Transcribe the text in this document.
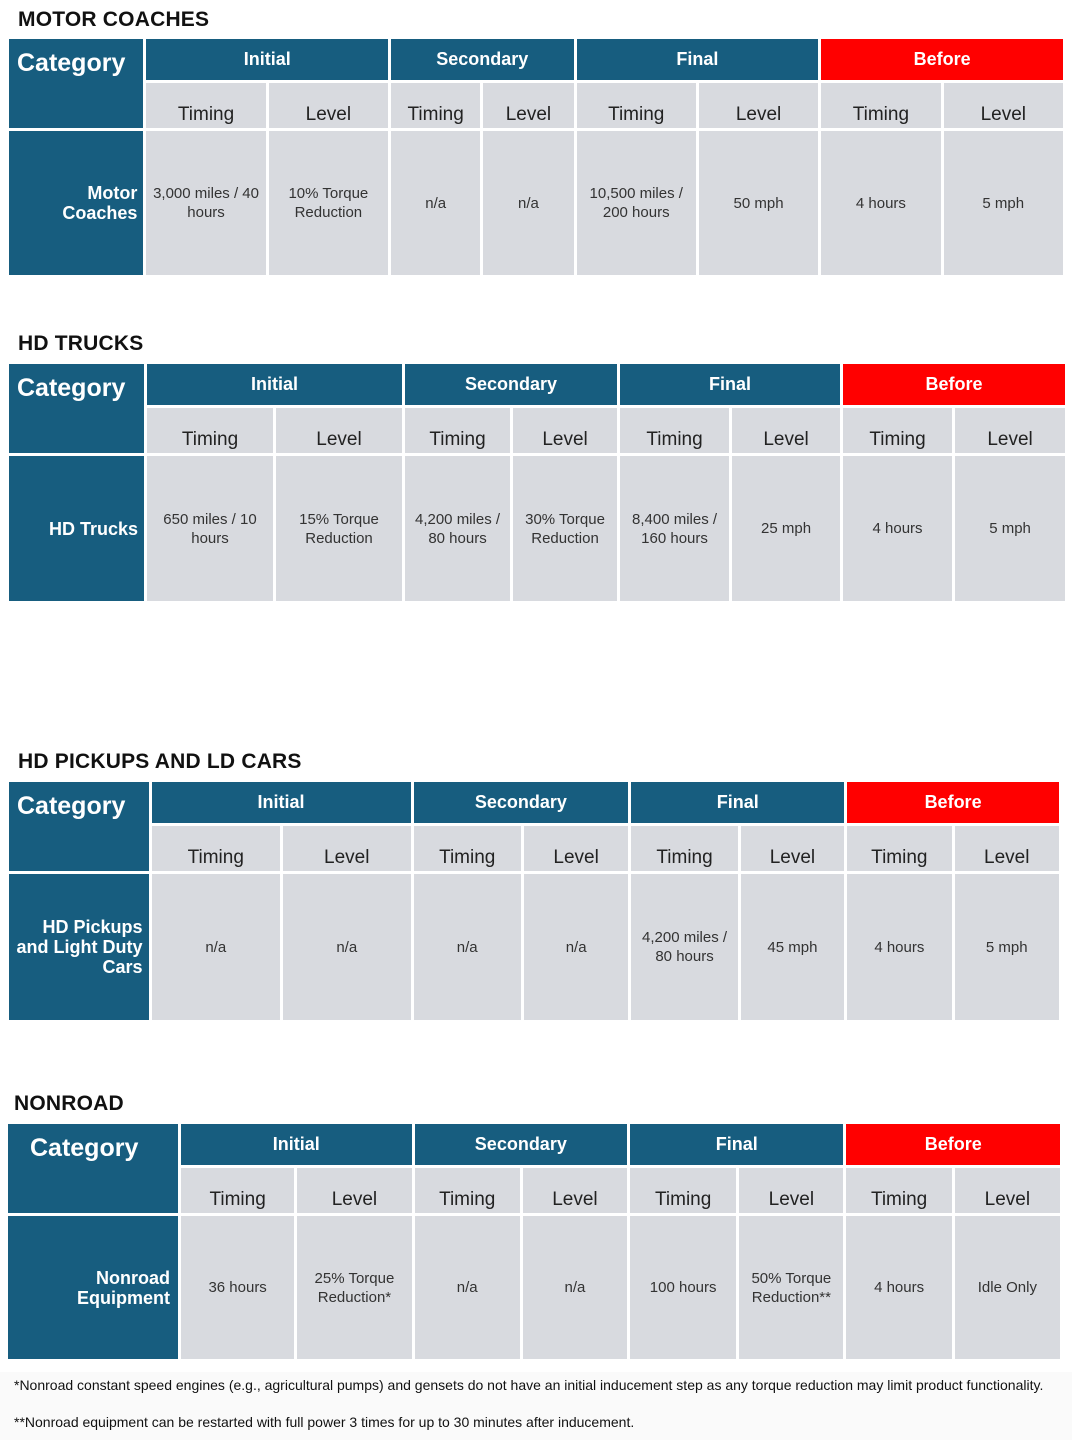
MOTOR COACHES
Category	Initial		Secondary		Final		Before	
	Timing	Level	Timing	Level	Timing	Level	Timing	Level
Motor Coaches	3,000 miles / 40 hours	10% Torque Reduction	n/a	n/a	10,500 miles / 200 hours	50 mph	4 hours	5 mph
HD TRUCKS
Category	Initial		Secondary		Final		Before	
	Timing	Level	Timing	Level	Timing	Level	Timing	Level
HD Trucks	650 miles / 10 hours	15% Torque Reduction	4,200 miles / 80 hours	30% Torque Reduction	8,400 miles / 160 hours	25 mph	4 hours	5 mph
HD PICKUPS AND LD CARS
Category	Initial		Secondary		Final		Before	
	Timing	Level	Timing	Level	Timing	Level	Timing	Level
HD Pickups and Light Duty Cars	n/a	n/a	n/a	n/a	4,200 miles / 80 hours	45 mph	4 hours	5 mph
NONROAD
Category	Initial		Secondary		Final		Before	
	Timing	Level	Timing	Level	Timing	Level	Timing	Level
Nonroad Equipment	36 hours	25% Torque Reduction*	n/a	n/a	100 hours	50% Torque Reduction**	4 hours	Idle Only
*Nonroad constant speed engines (e.g., agricultural pumps) and gensets do not have an initial inducement step as any torque reduction may limit product functionality.
**Nonroad equipment can be restarted with full power 3 times for up to 30 minutes after inducement.
